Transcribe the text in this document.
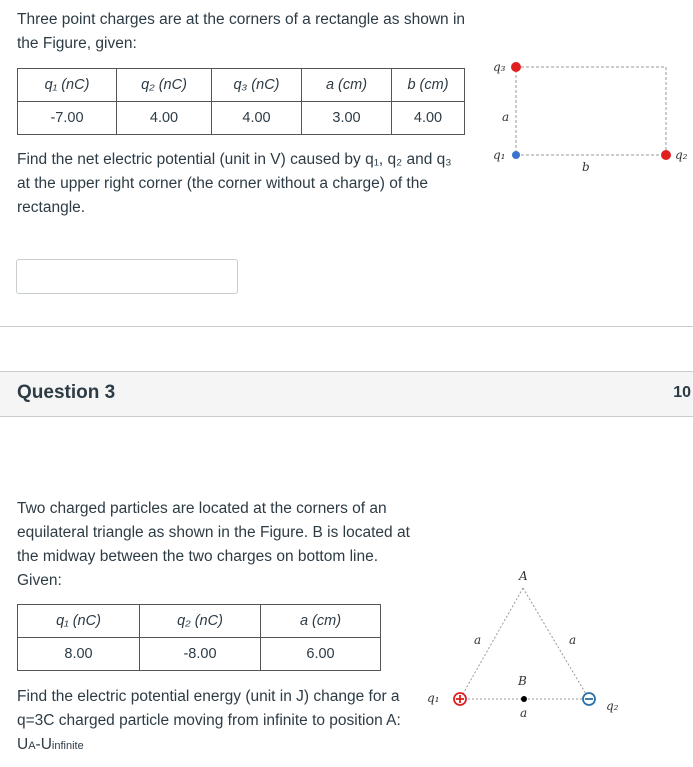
Three point charges are at the corners of a rectangle as shown in the Figure, given:
q₁ (nC)	q₂ (nC)	q₃ (nC)	a (cm)	b (cm)
-7.00	4.00	4.00	3.00	4.00
Find the net electric potential (unit in V) caused by q₁, q₂ and q₃ at the upper right corner (the corner without a charge) of the rectangle.
q₃
a
q₁
b
q₂
Question 3	10
Two charged particles are located at the corners of an equilateral triangle as shown in the Figure. B is located at the midway between the two charges on bottom line. Given:
q₁ (nC)	q₂ (nC)	a (cm)
8.00	-8.00	6.00
Find the electric potential energy (unit in J) change for a q=3C charged particle moving from infinite to position A:
UA-Uinfinite
A
B
a	a
a
q₁
q₂
